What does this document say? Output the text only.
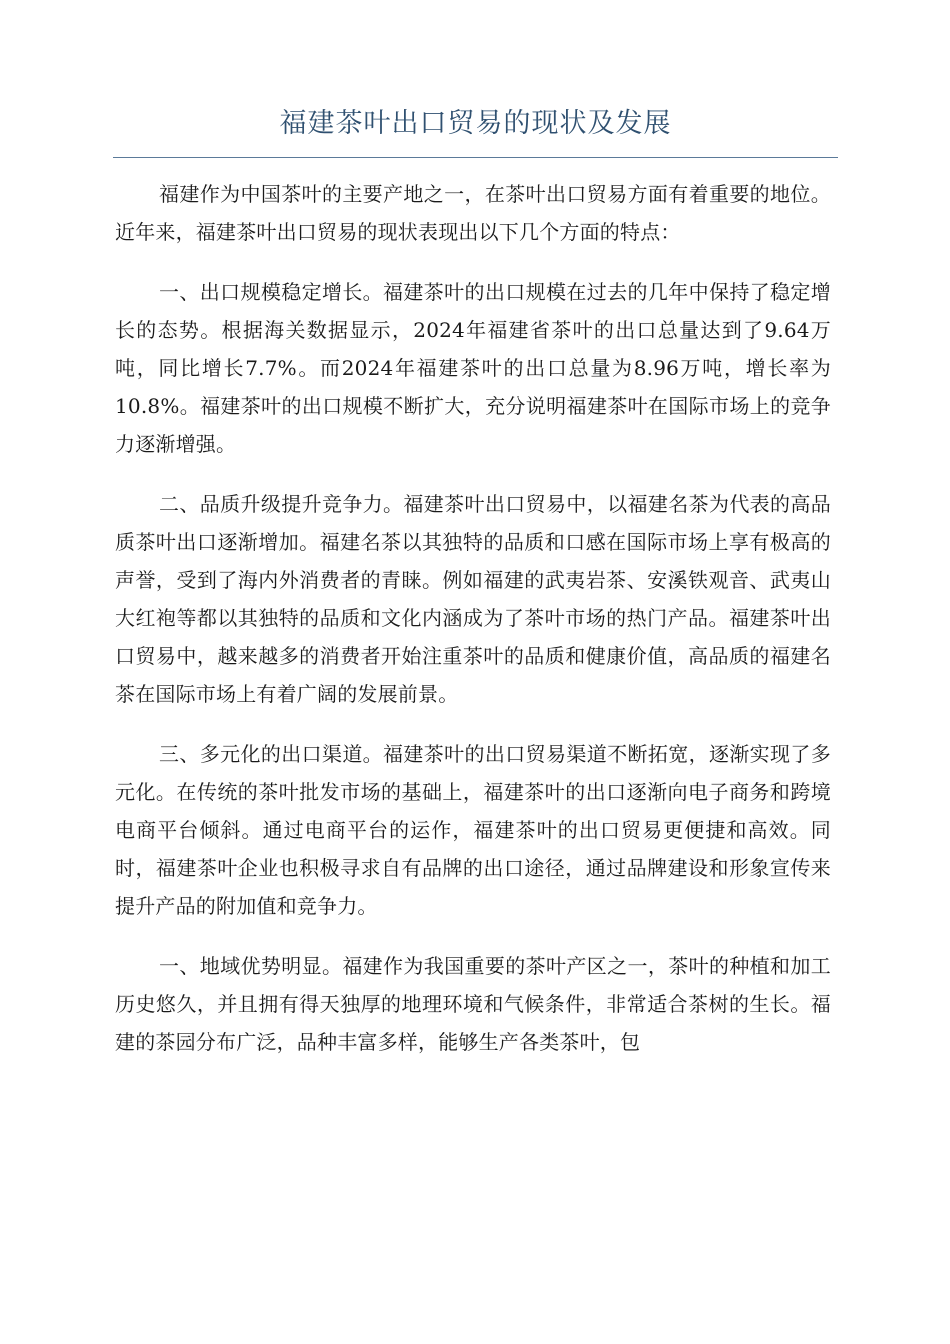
福建茶叶出口贸易的现状及发展

福建作为中国茶叶的主要产地之一，在茶叶出口贸易方面有着重要的地位。近年来，福建茶叶出口贸易的现状表现出以下几个方面的特点：

一、出口规模稳定增长。福建茶叶的出口规模在过去的几年中保持了稳定增长的态势。根据海关数据显示，2024年福建省茶叶的出口总量达到了9.64万吨，同比增长7.7%。而2024年福建茶叶的出口总量为8.96万吨，增长率为10.8%。福建茶叶的出口规模不断扩大，充分说明福建茶叶在国际市场上的竞争力逐渐增强。

二、品质升级提升竞争力。福建茶叶出口贸易中，以福建名茶为代表的高品质茶叶出口逐渐增加。福建名茶以其独特的品质和口感在国际市场上享有极高的声誉，受到了海内外消费者的青睐。例如福建的武夷岩茶、安溪铁观音、武夷山大红袍等都以其独特的品质和文化内涵成为了茶叶市场的热门产品。福建茶叶出口贸易中，越来越多的消费者开始注重茶叶的品质和健康价值，高品质的福建名茶在国际市场上有着广阔的发展前景。

三、多元化的出口渠道。福建茶叶的出口贸易渠道不断拓宽，逐渐实现了多元化。在传统的茶叶批发市场的基础上，福建茶叶的出口逐渐向电子商务和跨境电商平台倾斜。通过电商平台的运作，福建茶叶的出口贸易更便捷和高效。同时，福建茶叶企业也积极寻求自有品牌的出口途径，通过品牌建设和形象宣传来提升产品的附加值和竞争力。

一、地域优势明显。福建作为我国重要的茶叶产区之一，茶叶的种植和加工历史悠久，并且拥有得天独厚的地理环境和气候条件，非常适合茶树的生长。福建的茶园分布广泛，品种丰富多样，能够生产各类茶叶，包
